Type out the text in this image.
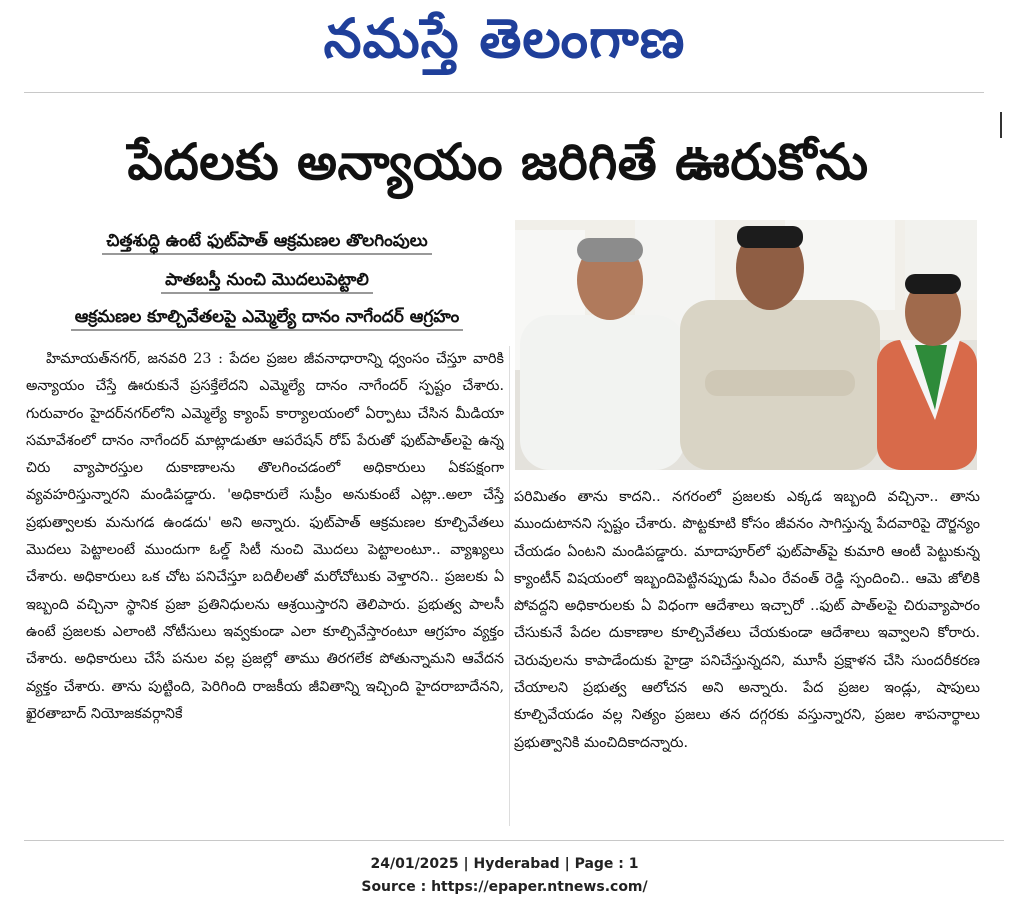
నమస్తే తెలంగాణ
పేదలకు అన్యాయం జరిగితే ఊరుకోను
చిత్తశుద్ధి ఉంటే ఫుట్‌పాత్ ఆక్రమణల తొలగింపులు
పాతబస్తీ నుంచి మొదలుపెట్టాలి
ఆక్రమణల కూల్చివేతలపై ఎమ్మెల్యే దానం నాగేందర్ ఆగ్రహం
హిమాయత్‌నగర్, జనవరి 23 : పేదల ప్రజల జీవనాధారాన్ని ధ్వంసం చేస్తూ వారికి అన్యాయం చేస్తే ఊరుకునే ప్రసక్తేలేదని ఎమ్మెల్యే దానం నాగేందర్ స్పష్టం చేశారు. గురువారం హైదర్‌నగర్‌లోని ఎమ్మెల్యే క్యాంప్ కార్యాలయంలో ఏర్పాటు చేసిన మీడియా సమావేశంలో దానం నాగేందర్ మాట్లాడుతూ ఆపరేషన్ రోప్ పేరుతో ఫుట్‌పాత్‌లపై ఉన్న చిరు వ్యాపారస్తుల దుకాణాలను తొలగించడంలో అధికారులు ఏకపక్షంగా వ్యవహరిస్తున్నారని మండిపడ్డారు. 'అధికారులే సుప్రీం అనుకుంటే ఎట్లా..అలా చేస్తే ప్రభుత్వాలకు మనుగడ ఉండదు' అని అన్నారు. ఫుట్‌పాత్ ఆక్రమణల కూల్చివేతలు మొదలు పెట్టాలంటే ముందుగా ఓల్డ్ సిటీ నుంచి మొదలు పెట్టాలంటూ.. వ్యాఖ్యలు చేశారు. అధికారులు ఒక చోట పనిచేస్తూ బదిలీలతో మరోచోటుకు వెళ్తారని.. ప్రజలకు ఏ ఇబ్బంది వచ్చినా స్థానిక ప్రజా ప్రతినిధులను ఆశ్రయిస్తారని తెలిపారు. ప్రభుత్వ పాలసీ ఉంటే ప్రజలకు ఎలాంటి నోటీసులు ఇవ్వకుండా ఎలా కూల్చివేస్తారంటూ ఆగ్రహం వ్యక్తం చేశారు. అధికారులు చేసే పనుల వల్ల ప్రజల్లో తాము తిరగలేక పోతున్నామని ఆవేదన వ్యక్తం చేశారు. తాను పుట్టింది, పెరిగింది రాజకీయ జీవితాన్ని ఇచ్చింది హైదరాబాదేనని, ఖైరతాబాద్ నియోజకవర్గానికే
పరిమితం తాను కాదని.. నగరంలో ప్రజలకు ఎక్కడ ఇబ్బంది వచ్చినా.. తాను ముందుటానని స్పష్టం చేశారు. పొట్టకూటి కోసం జీవనం సాగిస్తున్న పేదవారిపై దౌర్జన్యం చేయడం ఏంటని మండిపడ్డారు. మాదాపూర్‌లో ఫుట్‌పాత్‌పై కుమారి ఆంటీ పెట్టుకున్న క్యాంటీన్ విషయంలో ఇబ్బందిపెట్టినప్పుడు సీఎం రేవంత్ రెడ్డి స్పందించి.. ఆమె జోలికి పోవద్దని అధికారులకు ఏ విధంగా ఆదేశాలు ఇచ్చారో ..ఫుట్ పాత్‌లపై చిరువ్యాపారం చేసుకునే పేదల దుకాణాల కూల్చివేతలు చేయకుండా ఆదేశాలు ఇవ్వాలని కోరారు. చెరువులను కాపాడేందుకు హైడ్రా పనిచేస్తున్నదని, మూసీ ప్రక్షాళన చేసి సుందరీకరణ చేయాలని ప్రభుత్వ ఆలోచన అని అన్నారు. పేద ప్రజల ఇండ్లు, షాపులు కూల్చివేయడం వల్ల నిత్యం ప్రజలు తన దగ్గరకు వస్తున్నారని, ప్రజల శాపనార్థాలు ప్రభుత్వానికి మంచిదికాదన్నారు.
24/01/2025 | Hyderabad | Page : 1
Source : https://epaper.ntnews.com/
